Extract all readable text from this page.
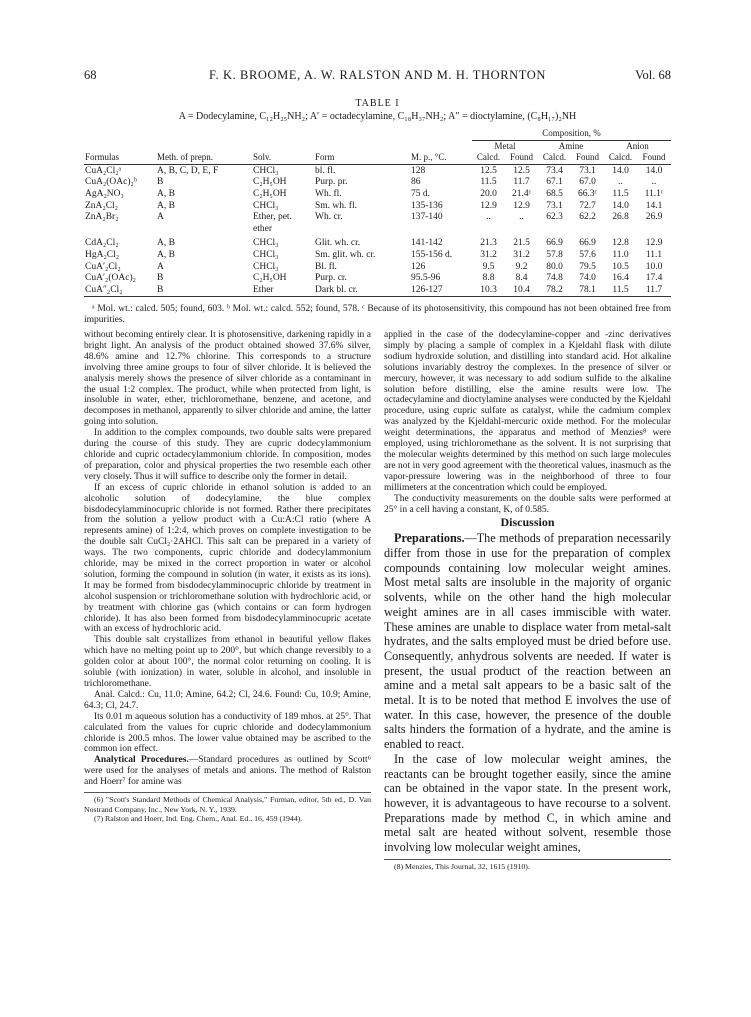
68	F. K. BROOME, A. W. RALSTON AND M. H. THORNTON	Vol. 68
TABLE I
A = Dodecylamine, C₁₂H₂₅NH₂; A′ = octadecylamine, C₁₈H₃₇NH₂; A″ = dioctylamine, (C₈H₁₇)₂NH
					Composition, %					
					Metal		Amine		Anion	
Formulas	Meth. of prepn.	Solv.	Form	M. p., °C.	Calcd.	Found	Calcd.	Found	Calcd.	Found
CuA₂Cl₂ᵃ	A, B, C, D, E, F	CHCl₃	bl. fl.	128	12.5	12.5	73.4	73.1	14.0	14.0
CuA₂(OAc)₂ᵇ	B	C₂H₅OH	Purp. pr.	86	11.5	11.7	67.1	67.0	..	..
AgA₂NO₃	A, B	C₂H₅OH	Wh. fl.	75 d.	20.0	21.4ᶜ	68.5	66.3ᶜ	11.5	11.1ᶜ
ZnA₂Cl₂	A, B	CHCl₃	Sm. wh. fl.	135-136	12.9	12.9	73.1	72.7	14.0	14.1
ZnA₂Br₂	A	Ether, pet.	Wh. cr.	137-140	..	..	62.3	62.2	26.8	26.9
		ether								
CdA₂Cl₂	A, B	CHCl₃	Glit. wh. cr.	141-142	21.3	21.5	66.9	66.9	12.8	12.9
HgA₂Cl₂	A, B	CHCl₃	Sm. glit. wh. cr.	155-156 d.	31.2	31.2	57.8	57.6	11.0	11.1
CuA′₂Cl₂	A	CHCl₃	Bl. fl.	126	9.5	9.2	80.0	79.5	10.5	10.0
CuA′₂(OAc)₂	B	C₂H₅OH	Purp. cr.	95.5-96	8.8	8.4	74.8	74.0	16.4	17.4
CuA″₂Cl₂	B	Ether	Dark bl. cr.	126-127	10.3	10.4	78.2	78.1	11.5	11.7
ᵃ Mol. wt.: calcd. 505; found, 603. ᵇ Mol. wt.: calcd. 552; found, 578. ᶜ Because of its photosensitivity, this compound has not been obtained free from impurities.

without becoming entirely clear. It is photosensitive, darkening rapidly in a bright light. An analysis of the product obtained showed 37.6% silver, 48.6% amine and 12.7% chlorine. This corresponds to a structure involving three amine groups to four of silver chloride. It is believed the analysis merely shows the presence of silver chloride as a contaminant in the usual 1:2 complex. The product, while when protected from light, is insoluble in water, ether, trichloromethane, benzene, and acetone, and decomposes in methanol, apparently to silver chloride and amine, the latter going into solution.

In addition to the complex compounds, two double salts were prepared during the course of this study. They are cupric dodecylammonium chloride and cupric octadecylammonium chloride. In composition, modes of preparation, color and physical properties the two resemble each other very closely. Thus it will suffice to describe only the former in detail.

If an excess of cupric chloride in ethanol solution is added to an alcoholic solution of dodecylamine, the blue complex bisdodecylamminocupric chloride is not formed. Rather there precipitates from the solution a yellow product with a Cu:A:Cl ratio (where A represents amine) of 1:2:4, which proves on complete investigation to be the double salt CuCl₂·2AHCl. This salt can be prepared in a variety of ways. The two components, cupric chloride and dodecylammonium chloride, may be mixed in the correct proportion in water or alcohol solution, forming the compound in solution (in water, it exists as its ions). It may be formed from bisdodecylamminocupric chloride by treatment in alcohol suspension or trichloromethane solution with hydrochloric acid, or by treatment with chlorine gas (which contains or can form hydrogen chloride). It has also been formed from bisdodecylamminocupric acetate with an excess of hydrochloric acid.

This double salt crystallizes from ethanol in beautiful yellow flakes which have no melting point up to 200°, but which change reversibly to a golden color at about 100°, the normal color returning on cooling. It is soluble (with ionization) in water, soluble in alcohol, and insoluble in trichloromethane.

Anal. Calcd.: Cu, 11.0; Amine, 64.2; Cl, 24.6. Found: Cu, 10.9; Amine, 64.3; Cl, 24.7.

Its 0.01 m aqueous solution has a conductivity of 189 mhos. at 25°. That calculated from the values for cupric chloride and dodecylammonium chloride is 200.5 mhos. The lower value obtained may be ascribed to the common ion effect.

Analytical Procedures.—Standard procedures as outlined by Scott⁶ were used for the analyses of metals and anions. The method of Ralston and Hoerr⁷ for amine was

(6) "Scott's Standard Methods of Chemical Analysis," Furman, editor, 5th ed., D. Van Nostrand Company, Inc., New York, N. Y., 1939.

(7) Ralston and Hoerr, Ind. Eng. Chem., Anal. Ed., 16, 459 (1944).

applied in the case of the dodecylamine-copper and -zinc derivatives simply by placing a sample of complex in a Kjeldahl flask with dilute sodium hydroxide solution, and distilling into standard acid. Hot alkaline solutions invariably destroy the complexes. In the presence of silver or mercury, however, it was necessary to add sodium sulfide to the alkaline solution before distilling, else the amine results were low. The octadecylamine and dioctylamine analyses were conducted by the Kjeldahl procedure, using cupric sulfate as catalyst, while the cadmium complex was analyzed by the Kjeldahl-mercuric oxide method. For the molecular weight determinations, the apparatus and method of Menzies⁸ were employed, using trichloromethane as the solvent. It is not surprising that the molecular weights determined by this method on such large molecules are not in very good agreement with the theoretical values, inasmuch as the vapor-pressure lowering was in the neighborhood of three to four millimeters at the concentration which could be employed.

The conductivity measurements on the double salts were performed at 25° in a cell having a constant, K, of 0.585.

Discussion

Preparations.—The methods of preparation necessarily differ from those in use for the preparation of complex compounds containing low molecular weight amines. Most metal salts are insoluble in the majority of organic solvents, while on the other hand the high molecular weight amines are in all cases immiscible with water. These amines are unable to displace water from metal-salt hydrates, and the salts employed must be dried before use. Consequently, anhydrous solvents are needed. If water is present, the usual product of the reaction between an amine and a metal salt appears to be a basic salt of the metal. It is to be noted that method E involves the use of water. In this case, however, the presence of the double salts hinders the formation of a hydrate, and the amine is enabled to react.

In the case of low molecular weight amines, the reactants can be brought together easily, since the amine can be obtained in the vapor state. In the present work, however, it is advantageous to have recourse to a solvent. Preparations made by method C, in which amine and metal salt are heated without solvent, resemble those involving low molecular weight amines,

(8) Menzies, This Journal, 32, 1615 (1910).
